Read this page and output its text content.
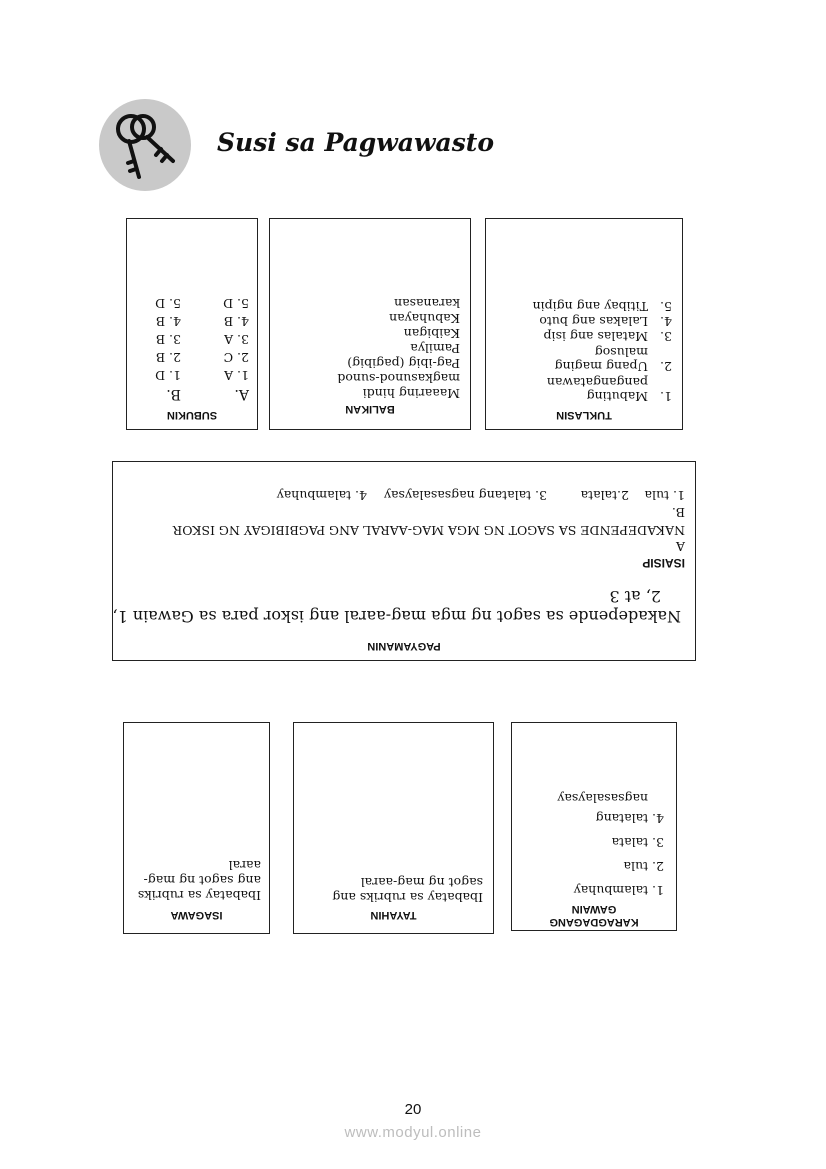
Susi sa Pagwawasto
SUBUKIN
A.
1. A
2. C
3. A
4. B
5. D
B.
1. D
2. B
3. B
4. B
5. D
BALIKAN
Maaaring hindi
magkasunod-sunod
Pag-ibig (pagibig)
Pamilya
Kaibigan
Kabuhayan
karanasan
TUKLASIN
1.
Mabuting
pangangatawan
2.
Upang maging
malusog
3.
Matalas ang isip
4.
Lalakas ang buto
5.
Titibay ang ngipin
PAGYAMANIN
Nakadepende sa sagot ng mga mag-aaral ang iskor para sa Gawain 1,
2, at 3
ISAISIP
A
NAKADEPENDE SA SAGOT NG MGA MAG-AARAL ANG PAGBIBIGAY NG ISKOR
B.
1. tula
2.talata
3. talatang nagsasalaysay
4. talambuhay
KARAGDAGANG
GAWAIN
1. talambuhay
2. tula
3. talata
4. talatang
nagsasalaysay
TAYAHIN
Ibabatay sa rubriks ang
sagot ng mag-aaral
ISAGAWA
Ibabatay sa rubriks
ang sagot ng mag-
aaral
20
www.modyul.online
